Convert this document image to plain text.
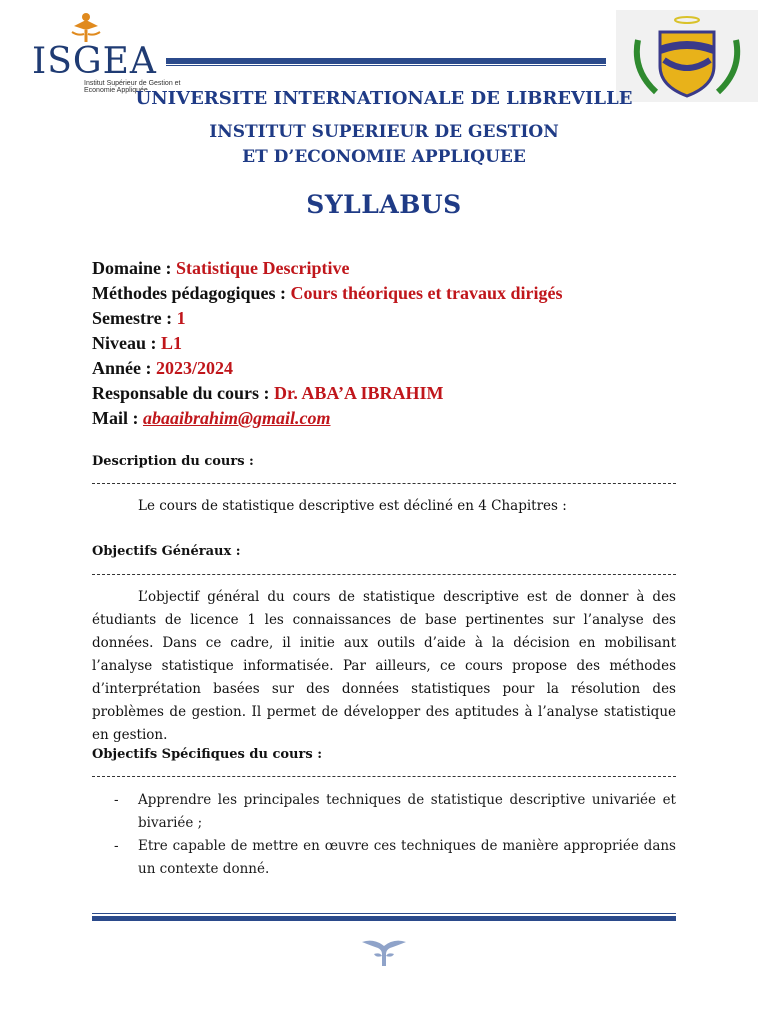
ISGEA
Institut Supérieur de Gestion et Economie Appliquée
UNIVERSITE INTERNATIONALE DE LIBREVILLE
INSTITUT SUPERIEUR DE GESTION
ET D’ECONOMIE APPLIQUEE
SYLLABUS
Domaine : Statistique Descriptive
Méthodes pédagogiques : Cours théoriques et travaux dirigés
Semestre : 1
Niveau : L1
Année : 2023/2024
Responsable du cours : Dr. ABA’A IBRAHIM
Mail : abaaibrahim@gmail.com
Description du cours :
Le cours de statistique descriptive est décliné en 4 Chapitres :
Objectifs Généraux :
L’objectif général du cours de statistique descriptive est de donner à des étudiants de licence 1 les connaissances de base pertinentes sur l’analyse des données. Dans ce cadre, il initie aux outils d’aide à la décision en mobilisant l’analyse statistique informatisée. Par ailleurs, ce cours propose des méthodes d’interprétation basées sur des données statistiques pour la résolution des problèmes de gestion. Il permet de développer des aptitudes à l’analyse statistique en gestion.
Objectifs Spécifiques du cours :
- Apprendre les principales techniques de statistique descriptive univariée et bivariée ;
- Etre capable de mettre en œuvre ces techniques de manière appropriée dans un contexte donné.
